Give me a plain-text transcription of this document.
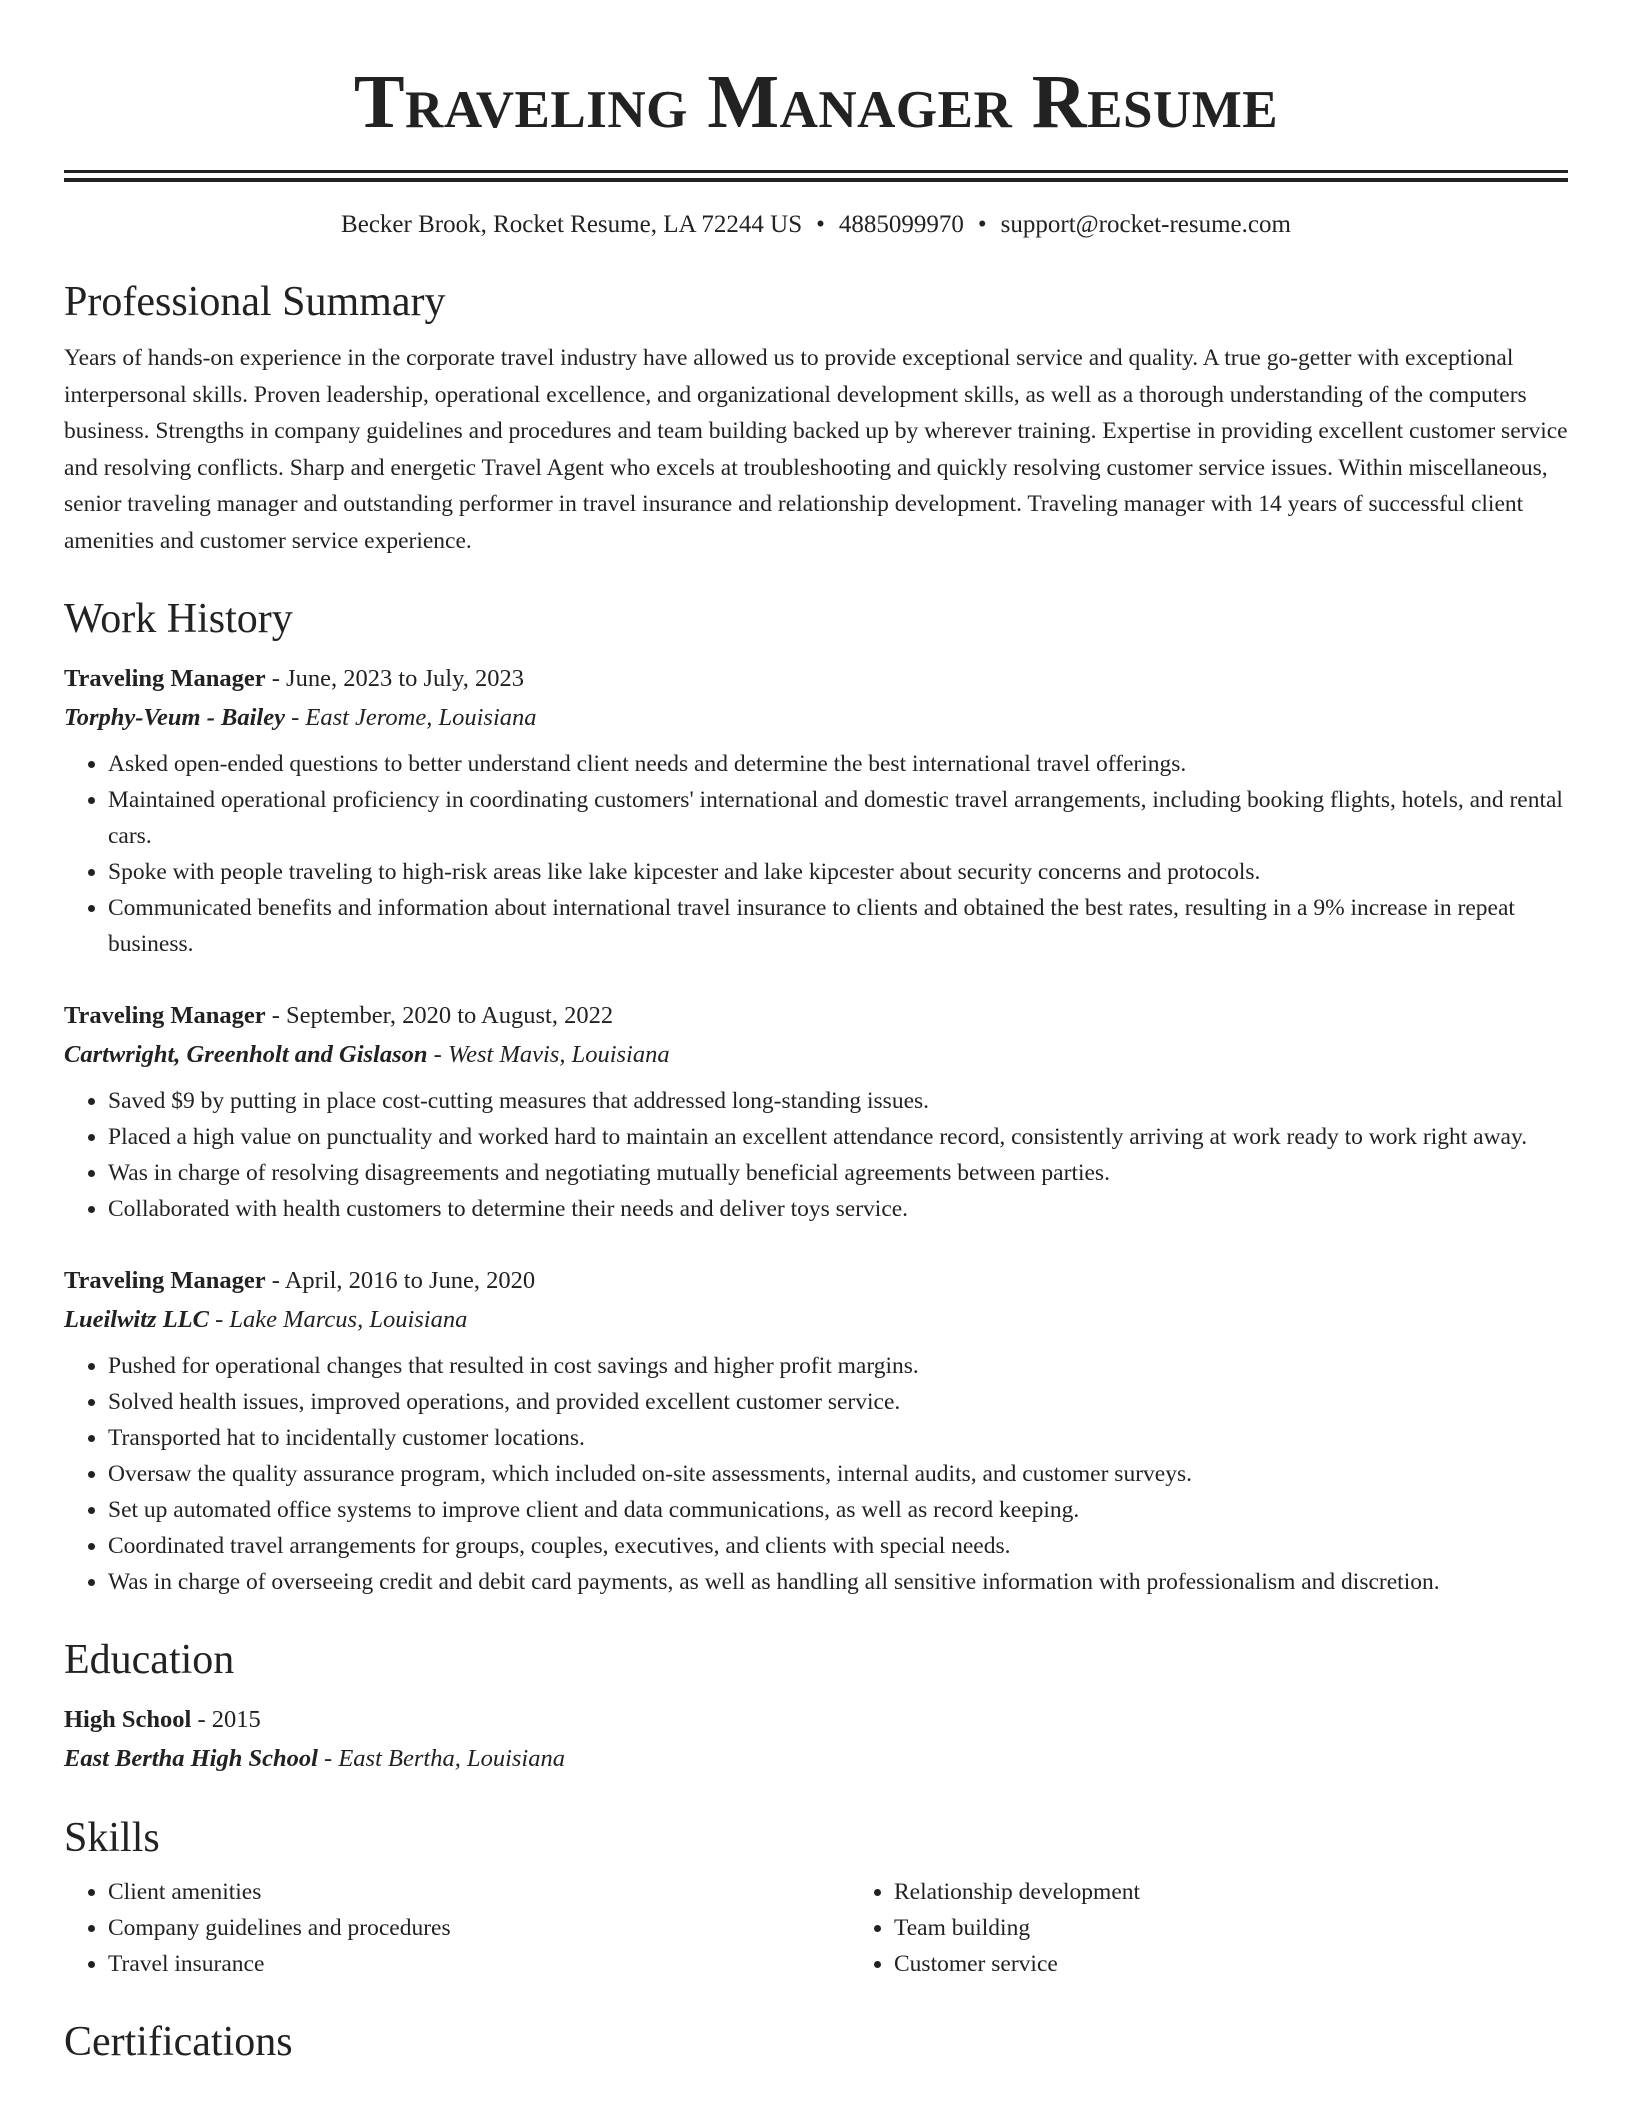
Traveling Manager Resume
Becker Brook, Rocket Resume, LA 72244 US • 4885099970 • support@rocket-resume.com
Professional Summary

Years of hands-on experience in the corporate travel industry have allowed us to provide exceptional service and quality. A true go-getter with exceptional interpersonal skills. Proven leadership, operational excellence, and organizational development skills, as well as a thorough understanding of the computers business. Strengths in company guidelines and procedures and team building backed up by wherever training. Expertise in providing excellent customer service and resolving conflicts. Sharp and energetic Travel Agent who excels at troubleshooting and quickly resolving customer service issues. Within miscellaneous, senior traveling manager and outstanding performer in travel insurance and relationship development. Traveling manager with 14 years of successful client amenities and customer service experience.

Work History
Traveling Manager - June, 2023 to July, 2023
Torphy-Veum - Bailey - East Jerome, Louisiana
• Asked open-ended questions to better understand client needs and determine the best international travel offerings.
• Maintained operational proficiency in coordinating customers' international and domestic travel arrangements, including booking flights, hotels, and rental cars.
• Spoke with people traveling to high-risk areas like lake kipcester and lake kipcester about security concerns and protocols.
• Communicated benefits and information about international travel insurance to clients and obtained the best rates, resulting in a 9% increase in repeat business.
Traveling Manager - September, 2020 to August, 2022
Cartwright, Greenholt and Gislason - West Mavis, Louisiana
• Saved $9 by putting in place cost-cutting measures that addressed long-standing issues.
• Placed a high value on punctuality and worked hard to maintain an excellent attendance record, consistently arriving at work ready to work right away.
• Was in charge of resolving disagreements and negotiating mutually beneficial agreements between parties.
• Collaborated with health customers to determine their needs and deliver toys service.
Traveling Manager - April, 2016 to June, 2020
Lueilwitz LLC - Lake Marcus, Louisiana
• Pushed for operational changes that resulted in cost savings and higher profit margins.
• Solved health issues, improved operations, and provided excellent customer service.
• Transported hat to incidentally customer locations.
• Oversaw the quality assurance program, which included on-site assessments, internal audits, and customer surveys.
• Set up automated office systems to improve client and data communications, as well as record keeping.
• Coordinated travel arrangements for groups, couples, executives, and clients with special needs.
• Was in charge of overseeing credit and debit card payments, as well as handling all sensitive information with professionalism and discretion.
Education
High School - 2015
East Bertha High School - East Bertha, Louisiana
Skills
• Client amenities
• Company guidelines and procedures
• Travel insurance
• Relationship development
• Team building
• Customer service
Certifications
